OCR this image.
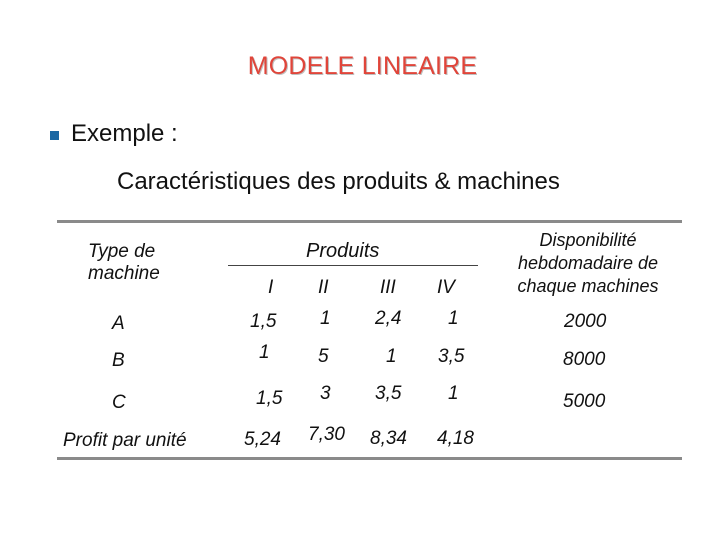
MODELE LINEAIRE
Exemple :
Caractéristiques des produits & machines
Type de machine
Produits	Disponibilité hebdomadaire de chaque machines
I II	III IV
A	1,5 1 2,4 1	2000
B	1	5	1 3,5	8000
C	1,5 3 3,5 1	5000
Profit par unité	5,24 7,30 8,34 4,18
